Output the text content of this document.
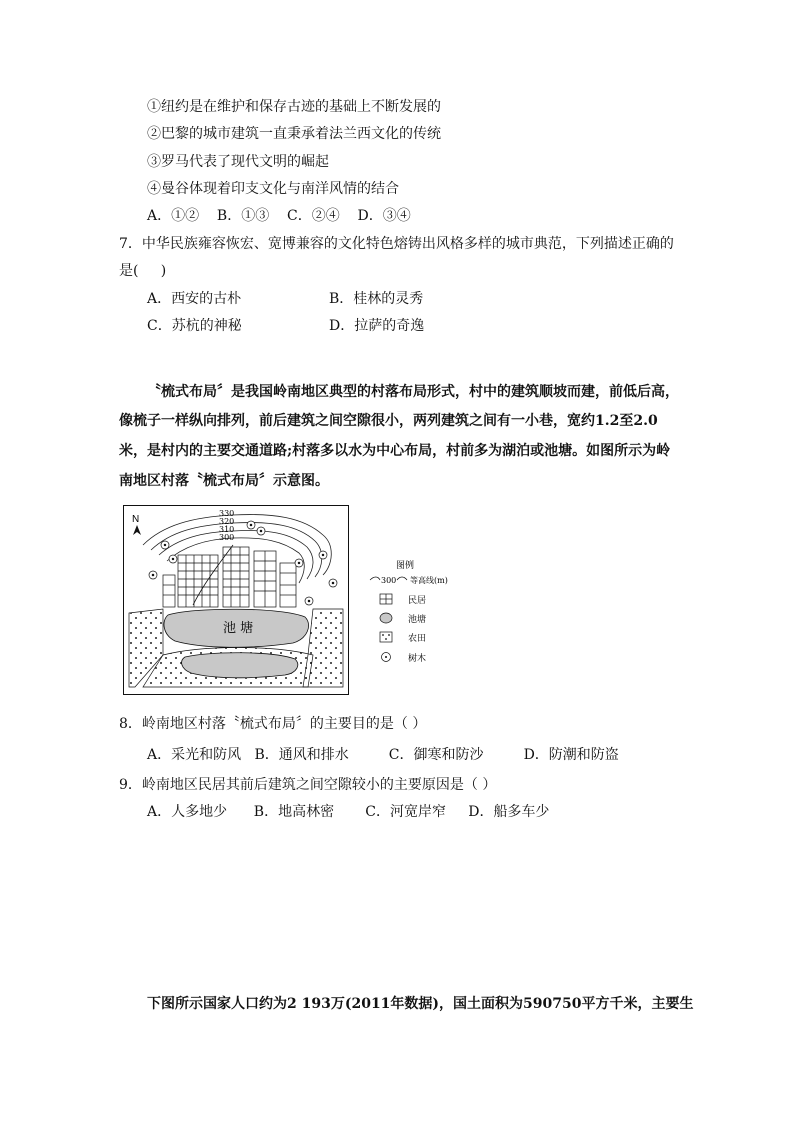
①纽约是在维护和保存古迹的基础上不断发展的
②巴黎的城市建筑一直秉承着法兰西文化的传统
③罗马代表了现代文明的崛起
④曼谷体现着印支文化与南洋风情的结合
A．①②    B．①③    C．②④    D．③④
7．中华民族雍容恢宏、宽博兼容的文化特色熔铸出风格多样的城市典范，下列描述正确的
是(     )
A．西安的古朴	B．桂林的灵秀
C．苏杭的神秘	D．拉萨的奇逸
〝梳式布局〞是我国岭南地区典型的村落布局形式，村中的建筑顺坡而建，前低后高，
像梳子一样纵向排列，前后建筑之间空隙很小，两列建筑之间有一小巷，宽约1.2至2.0
米，是村内的主要交通道路;村落多以水为中心布局，村前多为湖泊或池塘。如图所示为岭
南地区村落〝梳式布局〞示意图。
N
330
320
310
300
池 塘
图例
300 等高线(m)
民居
池塘
农田
树木
8．岭南地区村落〝梳式布局〞的主要目的是（ ）
A．采光和防风   B．通风和排水         C．御寒和防沙         D．防潮和防盗
9．岭南地区民居其前后建筑之间空隙较小的主要原因是（ ）
A．人多地少      B．地高林密       C．河宽岸窄     D．船多车少
下图所示国家人口约为2 193万(2011年数据)，国土面积为590750平方千米，主要生
